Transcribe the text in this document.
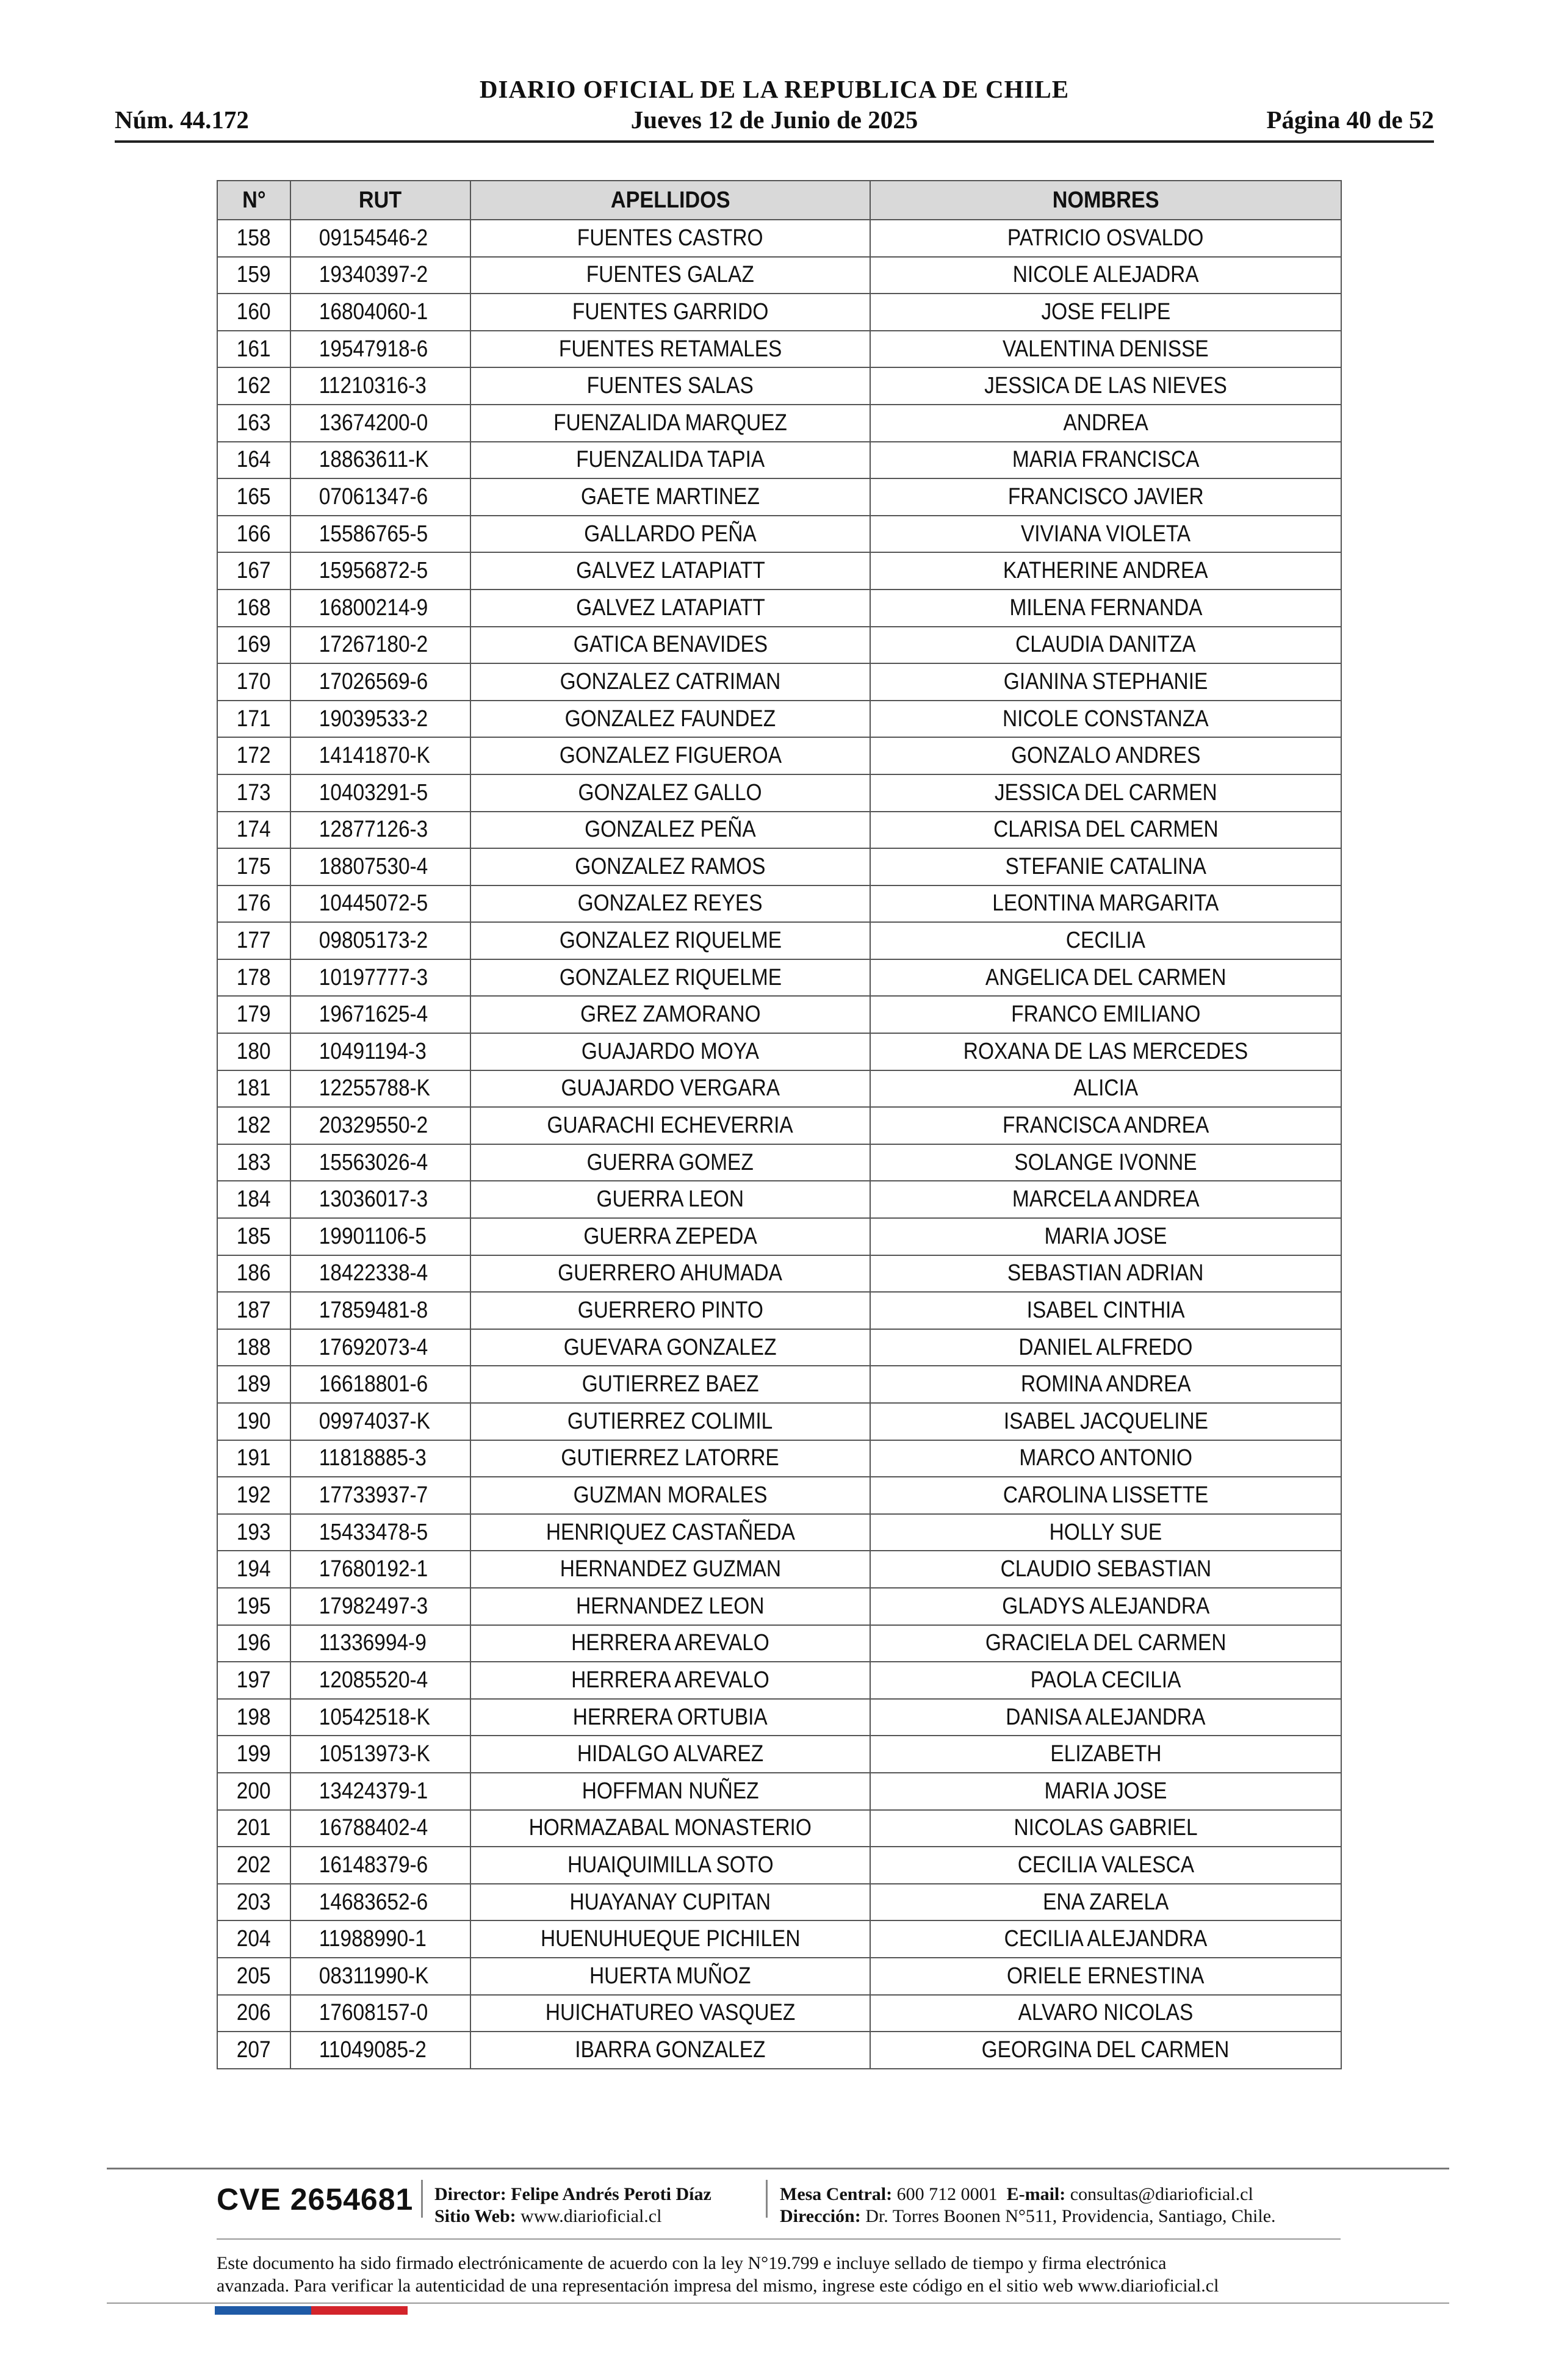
DIARIO OFICIAL DE LA REPUBLICA DE CHILE
Núm. 44.172	Jueves 12 de Junio de 2025	Página 40 de 52
N°	RUT	APELLIDOS	NOMBRES
158	09154546-2	FUENTES CASTRO	PATRICIO OSVALDO
159	19340397-2	FUENTES GALAZ	NICOLE ALEJADRA
160	16804060-1	FUENTES GARRIDO	JOSE FELIPE
161	19547918-6	FUENTES RETAMALES	VALENTINA DENISSE
162	11210316-3	FUENTES SALAS	JESSICA DE LAS NIEVES
163	13674200-0	FUENZALIDA MARQUEZ	ANDREA
164	18863611-K	FUENZALIDA TAPIA	MARIA FRANCISCA
165	07061347-6	GAETE MARTINEZ	FRANCISCO JAVIER
166	15586765-5	GALLARDO PEÑA	VIVIANA VIOLETA
167	15956872-5	GALVEZ LATAPIATT	KATHERINE ANDREA
168	16800214-9	GALVEZ LATAPIATT	MILENA FERNANDA
169	17267180-2	GATICA BENAVIDES	CLAUDIA DANITZA
170	17026569-6	GONZALEZ CATRIMAN	GIANINA STEPHANIE
171	19039533-2	GONZALEZ FAUNDEZ	NICOLE CONSTANZA
172	14141870-K	GONZALEZ FIGUEROA	GONZALO ANDRES
173	10403291-5	GONZALEZ GALLO	JESSICA DEL CARMEN
174	12877126-3	GONZALEZ PEÑA	CLARISA DEL CARMEN
175	18807530-4	GONZALEZ RAMOS	STEFANIE CATALINA
176	10445072-5	GONZALEZ REYES	LEONTINA MARGARITA
177	09805173-2	GONZALEZ RIQUELME	CECILIA
178	10197777-3	GONZALEZ RIQUELME	ANGELICA DEL CARMEN
179	19671625-4	GREZ ZAMORANO	FRANCO EMILIANO
180	10491194-3	GUAJARDO MOYA	ROXANA DE LAS MERCEDES
181	12255788-K	GUAJARDO VERGARA	ALICIA
182	20329550-2	GUARACHI ECHEVERRIA	FRANCISCA ANDREA
183	15563026-4	GUERRA GOMEZ	SOLANGE IVONNE
184	13036017-3	GUERRA LEON	MARCELA ANDREA
185	19901106-5	GUERRA ZEPEDA	MARIA JOSE
186	18422338-4	GUERRERO AHUMADA	SEBASTIAN ADRIAN
187	17859481-8	GUERRERO PINTO	ISABEL CINTHIA
188	17692073-4	GUEVARA GONZALEZ	DANIEL ALFREDO
189	16618801-6	GUTIERREZ BAEZ	ROMINA ANDREA
190	09974037-K	GUTIERREZ COLIMIL	ISABEL JACQUELINE
191	11818885-3	GUTIERREZ LATORRE	MARCO ANTONIO
192	17733937-7	GUZMAN MORALES	CAROLINA LISSETTE
193	15433478-5	HENRIQUEZ CASTAÑEDA	HOLLY SUE
194	17680192-1	HERNANDEZ GUZMAN	CLAUDIO SEBASTIAN
195	17982497-3	HERNANDEZ LEON	GLADYS ALEJANDRA
196	11336994-9	HERRERA AREVALO	GRACIELA DEL CARMEN
197	12085520-4	HERRERA AREVALO	PAOLA CECILIA
198	10542518-K	HERRERA ORTUBIA	DANISA ALEJANDRA
199	10513973-K	HIDALGO ALVAREZ	ELIZABETH
200	13424379-1	HOFFMAN NUÑEZ	MARIA JOSE
201	16788402-4	HORMAZABAL MONASTERIO	NICOLAS GABRIEL
202	16148379-6	HUAIQUIMILLA SOTO	CECILIA VALESCA
203	14683652-6	HUAYANAY CUPITAN	ENA ZARELA
204	11988990-1	HUENUHUEQUE PICHILEN	CECILIA ALEJANDRA
205	08311990-K	HUERTA MUÑOZ	ORIELE ERNESTINA
206	17608157-0	HUICHATUREO VASQUEZ	ALVARO NICOLAS
207	11049085-2	IBARRA GONZALEZ	GEORGINA DEL CARMEN
CVE 2654681 Director: Felipe Andrés Peroti Díaz
Sitio Web: www.diarioficial.cl
Mesa Central: 600 712 0001 E-mail: consultas@diarioficial.cl
Dirección: Dr. Torres Boonen N°511, Providencia, Santiago, Chile.
Este documento ha sido firmado electrónicamente de acuerdo con la ley N°19.799 e incluye sellado de tiempo y firma electrónica
avanzada. Para verificar la autenticidad de una representación impresa del mismo, ingrese este código en el sitio web www.diarioficial.cl
